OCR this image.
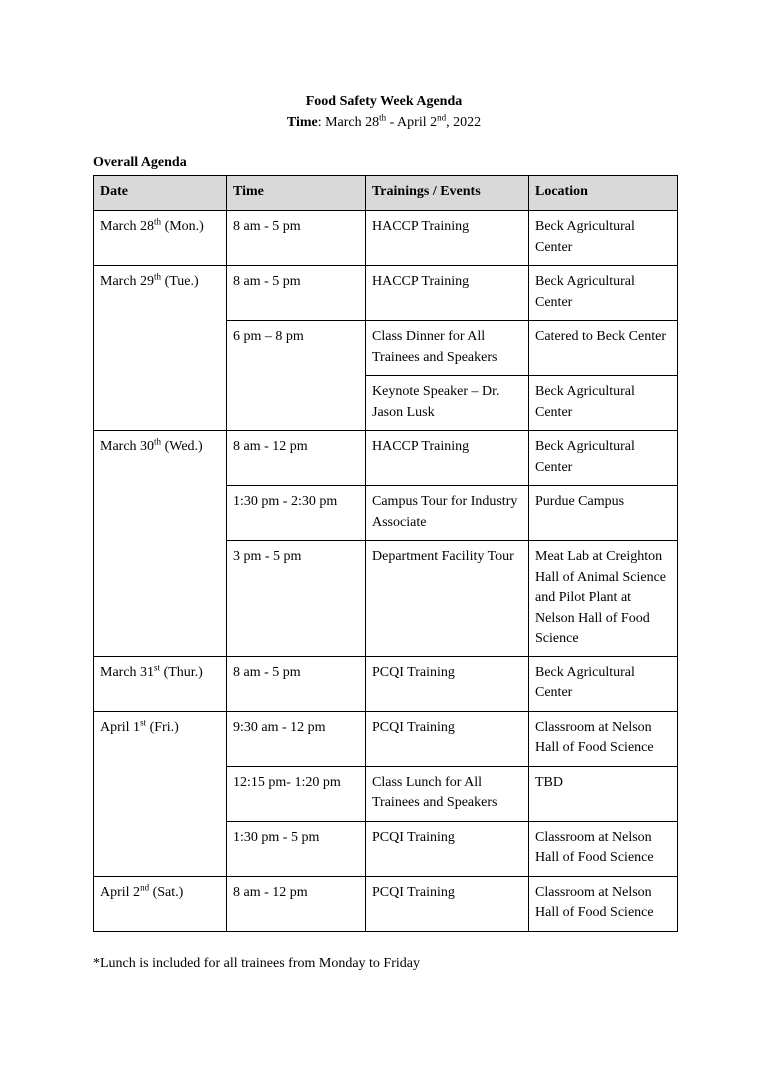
Food Safety Week Agenda
Time: March 28th - April 2nd, 2022
Overall Agenda
Date	Time	Trainings / Events	Location
March 28th (Mon.)	8 am - 5 pm	HACCP Training	Beck Agricultural Center
March 29th (Tue.)	8 am - 5 pm	HACCP Training	Beck Agricultural Center
	6 pm – 8 pm	Class Dinner for All Trainees and Speakers	Catered to Beck Center
		Keynote Speaker – Dr. Jason Lusk	Beck Agricultural Center
March 30th (Wed.)	8 am - 12 pm	HACCP Training	Beck Agricultural Center
	1:30 pm - 2:30 pm	Campus Tour for Industry Associate	Purdue Campus
	3 pm - 5 pm	Department Facility Tour	Meat Lab at Creighton Hall of Animal Science and Pilot Plant at Nelson Hall of Food Science
March 31st (Thur.)	8 am - 5 pm	PCQI Training	Beck Agricultural Center
April 1st (Fri.)	9:30 am - 12 pm	PCQI Training	Classroom at Nelson Hall of Food Science
	12:15 pm- 1:20 pm	Class Lunch for All Trainees and Speakers	TBD
	1:30 pm - 5 pm	PCQI Training	Classroom at Nelson Hall of Food Science
April 2nd (Sat.)	8 am - 12 pm	PCQI Training	Classroom at Nelson Hall of Food Science
*Lunch is included for all trainees from Monday to Friday
